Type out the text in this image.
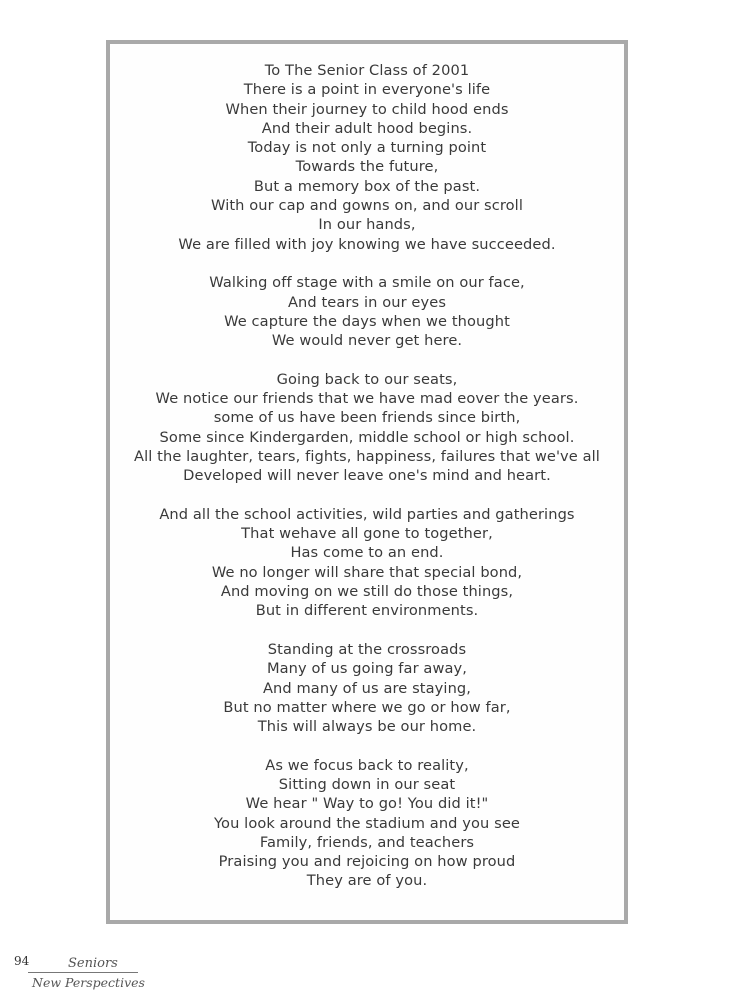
To The Senior Class of 2001
There is a point in everyone's life
When their journey to child hood ends
And their adult hood begins.
Today is not only a turning point
Towards the future,
But a memory box of the past.
With our cap and gowns on, and our scroll
In our hands,
We are filled with joy knowing we have succeeded.
Walking off stage with a smile on our face,
And tears in our eyes
We capture the days when we thought
We would never get here.
Going back to our seats,
We notice our friends that we have mad eover the years.
some of us have been friends since birth,
Some since Kindergarden, middle school or high school.
All the laughter, tears, fights, happiness, failures that we've all
Developed will never leave one's mind and heart.
And all the school activities, wild parties and gatherings
That wehave all gone to together,
Has come to an end.
We no longer will share that special bond,
And moving on we still do those things,
But in different environments.
Standing at the crossroads
Many of us going far away,
And many of us are staying,
But no matter where we go or how far,
This will always be our home.
As we focus back to reality,
Sitting down in our seat
We hear " Way to go! You did it!"
You look around the stadium and you see
Family, friends, and teachers
Praising you and rejoicing on how proud
They are of you.
94	Seniors
New Perspectives
